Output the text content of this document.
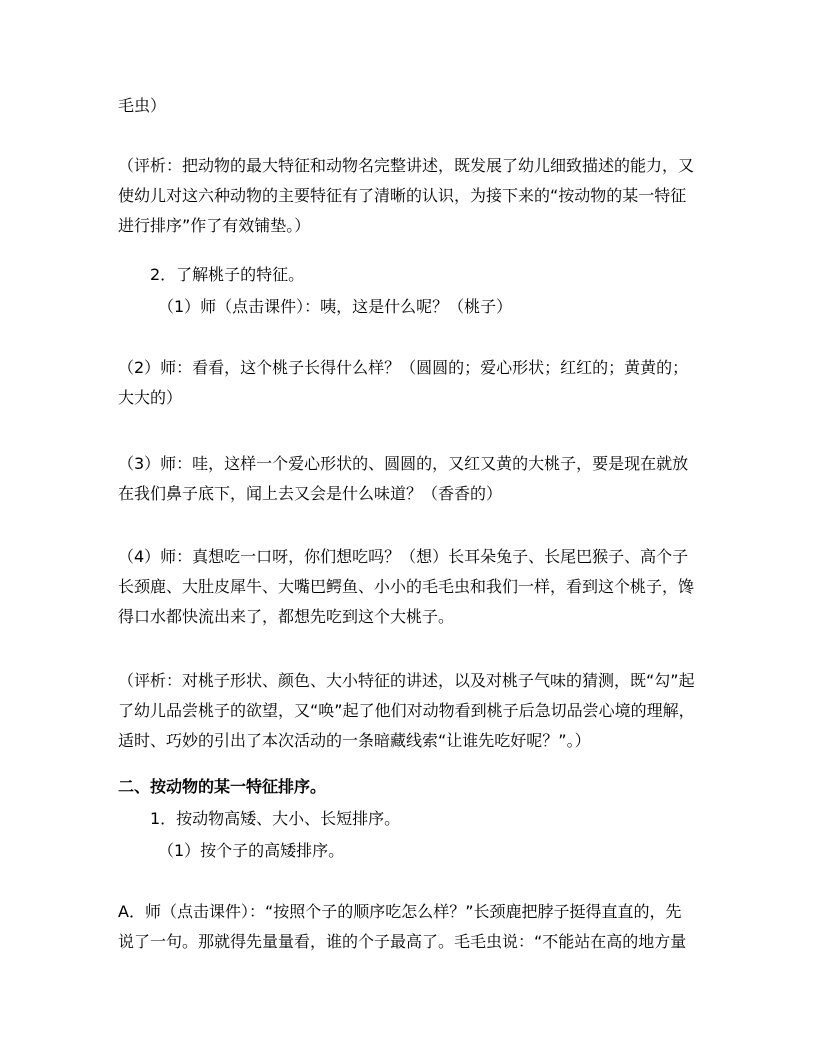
毛虫）

（评析：把动物的最大特征和动物名完整讲述，既发展了幼儿细致描述的能力，又
使幼儿对这六种动物的主要特征有了清晰的认识，为接下来的“按动物的某一特征
进行排序”作了有效铺垫。）

2．了解桃子的特征。

（1）师（点击课件）：咦，这是什么呢？（桃子）

（2）师：看看，这个桃子长得什么样？（圆圆的；爱心形状；红红的；黄黄的；
大大的）

（3）师：哇，这样一个爱心形状的、圆圆的，又红又黄的大桃子，要是现在就放
在我们鼻子底下，闻上去又会是什么味道？（香香的）

（4）师：真想吃一口呀，你们想吃吗？（想）长耳朵兔子、长尾巴猴子、高个子
长颈鹿、大肚皮犀牛、大嘴巴鳄鱼、小小的毛毛虫和我们一样，看到这个桃子，馋
得口水都快流出来了，都想先吃到这个大桃子。

（评析：对桃子形状、颜色、大小特征的讲述，以及对桃子气味的猜测，既“勾”起
了幼儿品尝桃子的欲望，又“唤”起了他们对动物看到桃子后急切品尝心境的理解，
适时、巧妙的引出了本次活动的一条暗藏线索“让谁先吃好呢？”。）

二、按动物的某一特征排序。

1．按动物高矮、大小、长短排序。

（1）按个子的高矮排序。

A．师（点击课件）：“按照个子的顺序吃怎么样？”长颈鹿把脖子挺得直直的，先
说了一句。那就得先量量看，谁的个子最高了。毛毛虫说：“不能站在高的地方量
